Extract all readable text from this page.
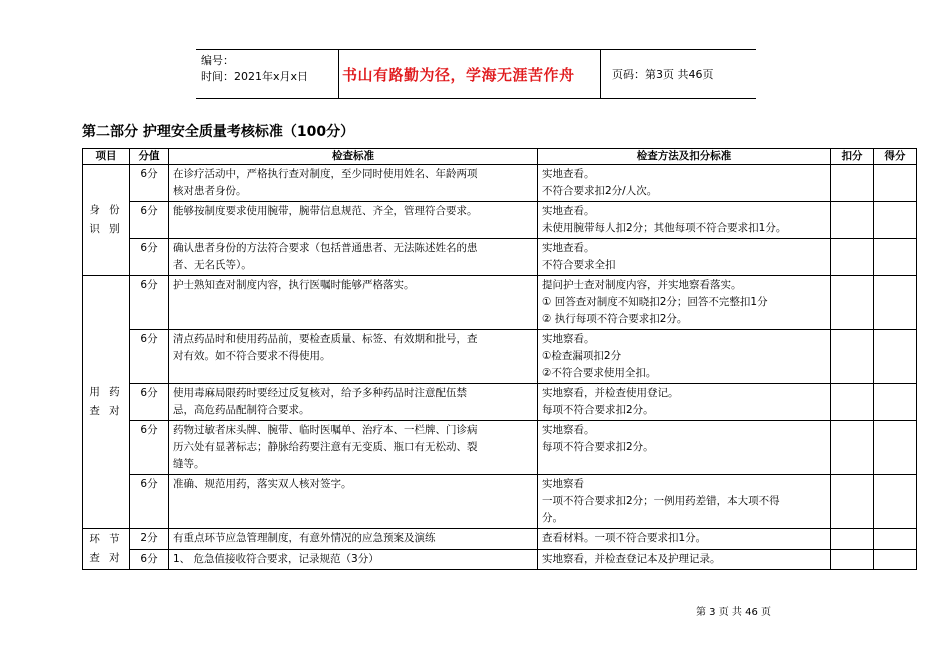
编号：
时间：2021年x月x日 书山有路勤为径，学海无涯苦作舟	页码：第3页 共46页
第二部分 护理安全质量考核标准（100分）
项目	分值	检查标准	检查方法及扣分标准	扣分	得分

身 份
识 别	6分	在诊疗活动中，严格执行查对制度，至少同时使用姓名、年龄两项
核对患者身份。	实地查看。
不符合要求扣2分/人次。		

	6分	能够按制度要求使用腕带，腕带信息规范、齐全，管理符合要求。	实地查看。
未使用腕带每人扣2分；其他每项不符合要求扣1分。		

	6分	确认患者身份的方法符合要求（包括普通患者、无法陈述姓名的患
者、无名氏等）。	实地查看。
不符合要求全扣		

用 药
查 对	6分	护士熟知查对制度内容，执行医嘱时能够严格落实。	提问护士查对制度内容，并实地察看落实。
① 回答查对制度不知晓扣2分；回答不完整扣1分
② 执行每项不符合要求扣2分。		

	6分	清点药品时和使用药品前，要检查质量、标签、有效期和批号，查
对有效。如不符合要求不得使用。	实地察看。
①检查漏项扣2分
②不符合要求使用全扣。		

	6分	使用毒麻局限药时要经过反复核对，给予多种药品时注意配伍禁
忌，高危药品配制符合要求。	实地察看，并检查使用登记。
每项不符合要求扣2分。		

	6分	药物过敏者床头牌、腕带、临时医嘱单、治疗本、一栏牌、门诊病
历六处有显著标志；静脉给药要注意有无变质、瓶口有无松动、裂
缝等。	实地察看。
每项不符合要求扣2分。		

	6分	准确、规范用药，落实双人核对签字。	实地察看
一项不符合要求扣2分；一例用药差错，本大项不得
分。		

环 节
查 对	2分	有重点环节应急管理制度，有意外情况的应急预案及演练	查看材料。一项不符合要求扣1分。		

	6分	1、 危急值接收符合要求，记录规范（3分）	实地察看，并检查登记本及护理记录。		

第 3 页 共 46 页
